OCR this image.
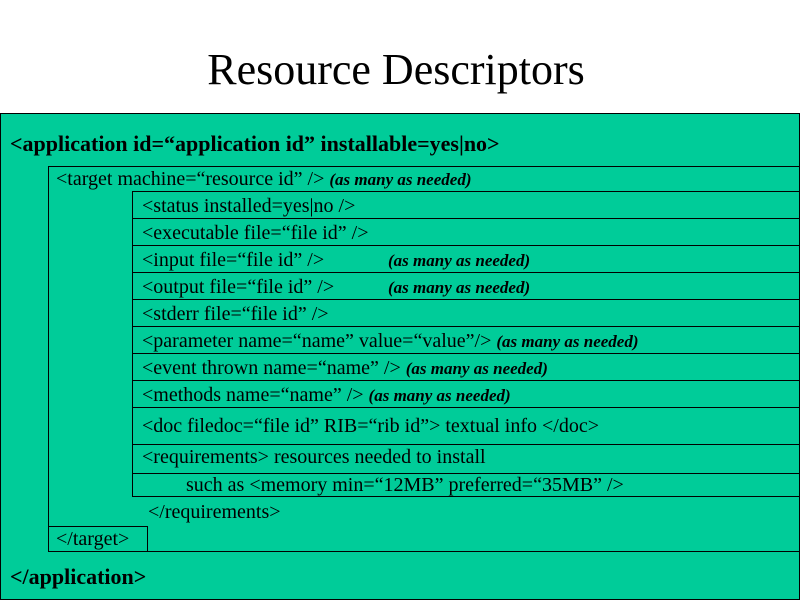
Resource Descriptors
<application id=“application id” installable=yes|no>
<target machine=“resource id” /> (as many as needed)
<status installed=yes|no />
<executable file=“file id” />
<input file=“file id” />	(as many as needed)
<output file=“file id” />	(as many as needed)
<stderr file=“file id” />
<parameter name=“name” value=“value”/> (as many as needed)
<event thrown name=“name” /> (as many as needed)
<methods name=“name” /> (as many as needed)
<doc filedoc=“file id” RIB=“rib id”> textual info </doc>
<requirements> resources needed to install
such as <memory min=“12MB” preferred=“35MB” />
</requirements>
</target>
</application>
